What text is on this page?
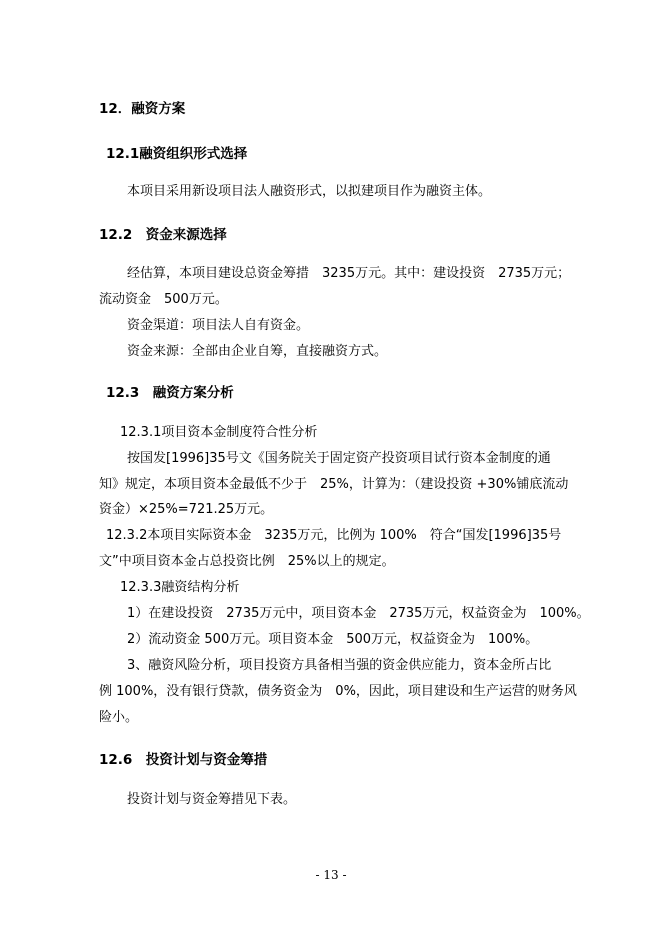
12．融资方案
12.1融资组织形式选择
本项目采用新设项目法人融资形式，以拟建项目作为融资主体。
12.2　资金来源选择
经估算，本项目建设总资金筹措　3235万元。其中：建设投资　2735万元；
流动资金　500万元。
资金渠道：项目法人自有资金。
资金来源：全部由企业自筹，直接融资方式。
12.3　融资方案分析
12.3.1项目资本金制度符合性分析
按国发[1996]35号文《国务院关于固定资产投资项目试行资本金制度的通
知》规定，本项目资本金最低不少于　25%，计算为：（建设投资 +30%铺底流动
资金）×25%=721.25万元。
12.3.2本项目实际资本金　3235万元，比例为 100%　符合“国发[1996]35号
文”中项目资本金占总投资比例　25%以上的规定。
12.3.3融资结构分析
1）在建设投资　2735万元中，项目资本金　2735万元，权益资金为　100%。
2）流动资金 500万元。项目资本金　500万元，权益资金为　100%。
3、融资风险分析，项目投资方具备相当强的资金供应能力，资本金所占比
例 100%，没有银行贷款，债务资金为　0%，因此，项目建设和生产运营的财务风
险小。
12.6　投资计划与资金筹措
投资计划与资金筹措见下表。
- 13 -
